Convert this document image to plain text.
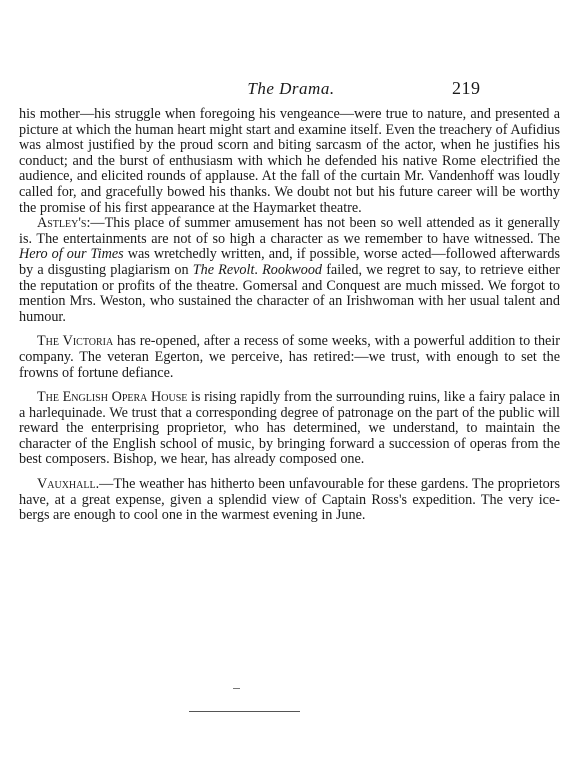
The Drama.	219

his mother—his struggle when foregoing his vengeance—were true to nature, and presented a picture at which the human heart might start and examine itself. Even the treachery of Aufidius was almost justified by the proud scorn and biting sarcasm of the actor, when he justifies his conduct; and the burst of enthusiasm with which he defended his native Rome electrified the audience, and elicited rounds of applause. At the fall of the curtain Mr. Vandenhoff was loudly called for, and gracefully bowed his thanks. We doubt not but his future career will be worthy the promise of his first appearance at the Haymarket theatre.

Astley's:—This place of summer amusement has not been so well attended as it generally is. The entertainments are not of so high a character as we remember to have witnessed. The Hero of our Times was wretchedly written, and, if possible, worse acted—followed afterwards by a disgusting plagiarism on The Revolt. Rookwood failed, we regret to say, to retrieve either the reputation or profits of the theatre. Gomersal and Conquest are much missed. We forgot to mention Mrs. Weston, who sustained the character of an Irishwoman with her usual talent and humour.

The Victoria has re-opened, after a recess of some weeks, with a powerful addition to their company. The veteran Egerton, we perceive, has retired:—we trust, with enough to set the frowns of fortune defiance.

The English Opera House is rising rapidly from the surrounding ruins, like a fairy palace in a harlequinade. We trust that a corresponding degree of patronage on the part of the public will reward the enterprising proprietor, who has determined, we understand, to maintain the character of the English school of music, by bringing forward a succession of operas from the best composers. Bishop, we hear, has already composed one.

Vauxhall.—The weather has hitherto been unfavourable for these gardens. The proprietors have, at a great expense, given a splendid view of Captain Ross's expedition. The very ice-bergs are enough to cool one in the warmest evening in June.
